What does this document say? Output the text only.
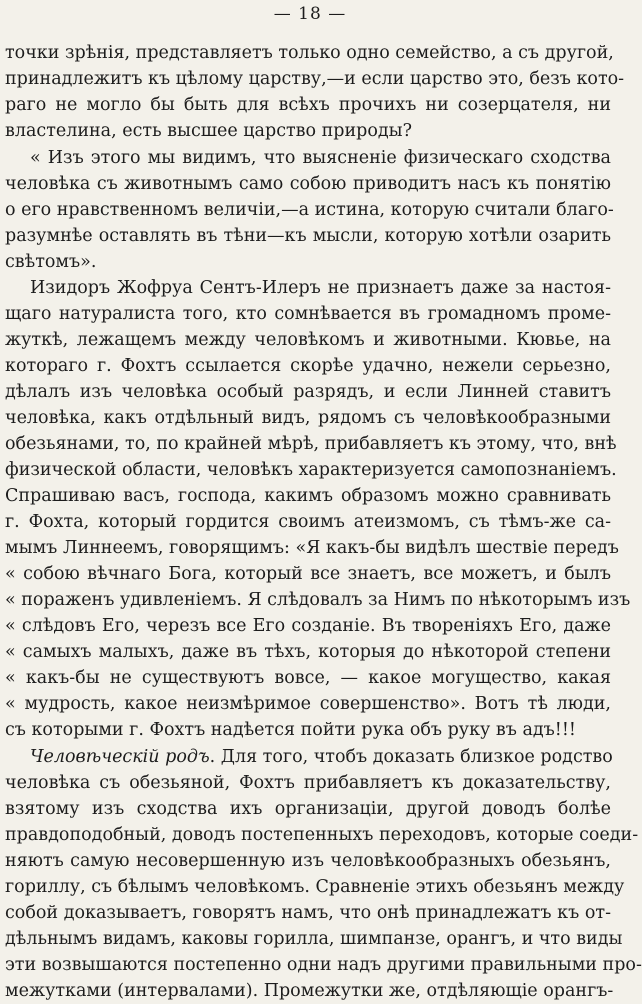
— 18 —
точки зрѣнія, представляетъ только одно семейство, а съ другой,
принадлежитъ къ цѣлому царству,—и если царство это, безъ кото-
раго не могло бы быть для всѣхъ прочихъ ни созерцателя, ни
властелина, есть высшее царство природы?
« Изъ этого мы видимъ, что выясненіе физическаго сходства
человѣка съ животнымъ само собою приводитъ насъ къ понятію
о его нравственномъ величіи,—а истина, которую считали благо-
разумнѣе оставлять въ тѣни—къ мысли, которую хотѣли озарить
свѣтомъ».
Изидоръ Жофруа Сентъ-Илеръ не признаетъ даже за настоя-
щаго натуралиста того, кто сомнѣвается въ громадномъ проме-
жуткѣ, лежащемъ между человѣкомъ и животными. Кювье, на
котораго г. Фохтъ ссылается скорѣе удачно, нежели серьезно,
дѣлалъ изъ человѣка особый разрядъ, и если Линней ставитъ
человѣка, какъ отдѣльный видъ, рядомъ съ человѣкообразными
обезьянами, то, по крайней мѣрѣ, прибавляетъ къ этому, что, внѣ
физической области, человѣкъ характеризуется самопознаніемъ.
Спрашиваю васъ, господа, какимъ образомъ можно сравнивать
г. Фохта, который гордится своимъ атеизмомъ, съ тѣмъ-же са-
мымъ Линнеемъ, говорящимъ: «Я какъ-бы видѣлъ шествіе передъ
« собою вѣчнаго Бога, который все знаетъ, все можетъ, и былъ
« пораженъ удивленіемъ. Я слѣдовалъ за Нимъ по нѣкоторымъ изъ
« слѣдовъ Его, черезъ все Его созданіе. Въ твореніяхъ Его, даже
« самыхъ малыхъ, даже въ тѣхъ, которыя до нѣкоторой степени
« какъ-бы не существуютъ вовсе, — какое могущество, какая
« мудрость, какое неизмѣримое совершенство». Вотъ тѣ люди,
съ которыми г. Фохтъ надѣется пойти рука объ руку въ адъ!!!
Человѣческій родъ. Для того, чтобъ доказать близкое родство
человѣка съ обезьяной, Фохтъ прибавляетъ къ доказательству,
взятому изъ сходства ихъ организаціи, другой доводъ болѣе
правдоподобный, доводъ постепенныхъ переходовъ, которые соеди-
няютъ самую несовершенную изъ человѣкообразныхъ обезьянъ,
гориллу, съ бѣлымъ человѣкомъ. Сравненіе этихъ обезьянъ между
собой доказываетъ, говорятъ намъ, что онѣ принадлежатъ къ от-
дѣльнымъ видамъ, каковы горилла, шимпанзе, орангъ, и что виды
эти возвышаются постепенно одни надъ другими правильными про-
межутками (интервалами). Промежутки же, отдѣляющіе орангъ-
